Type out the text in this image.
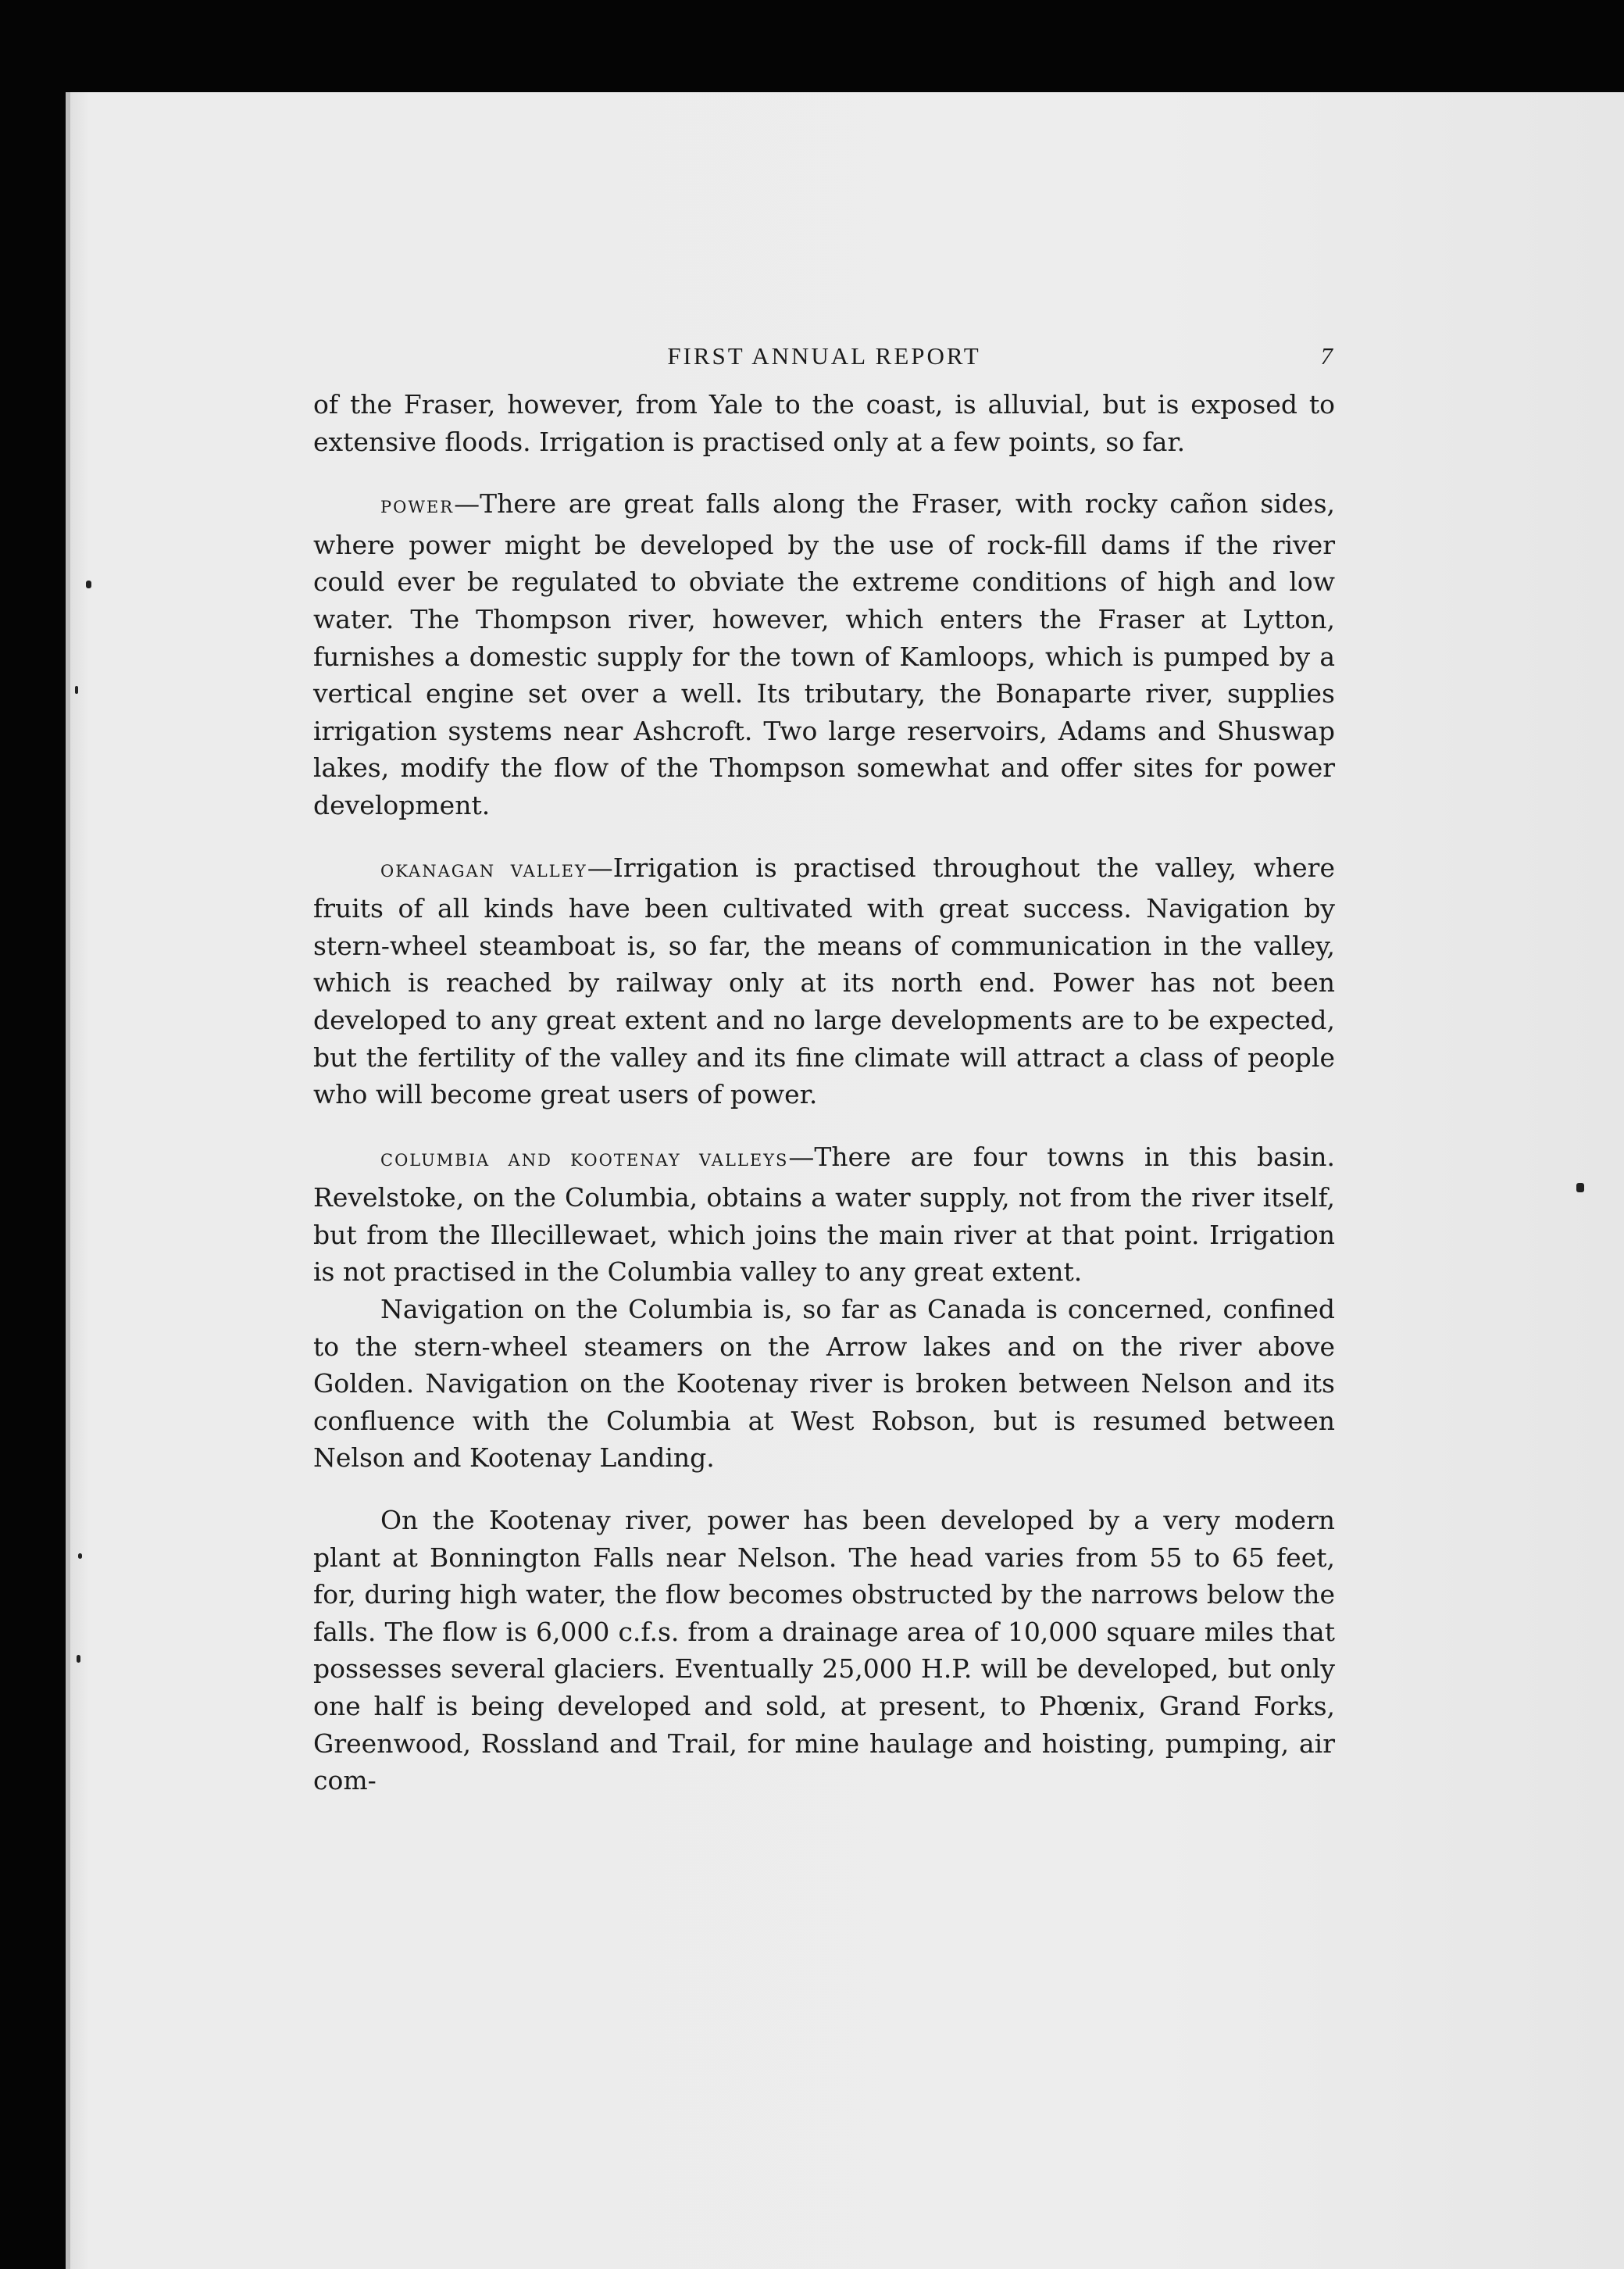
FIRST ANNUAL REPORT	7

of the Fraser, however, from Yale to the coast, is alluvial, but is exposed to extensive floods. Irrigation is practised only at a few points, so far.

POWER—There are great falls along the Fraser, with rocky cañon sides, where power might be developed by the use of rock-fill dams if the river could ever be regulated to obviate the extreme conditions of high and low water. The Thompson river, however, which enters the Fraser at Lytton, furnishes a domestic supply for the town of Kamloops, which is pumped by a vertical engine set over a well. Its tributary, the Bonaparte river, supplies irrigation systems near Ashcroft. Two large reservoirs, Adams and Shuswap lakes, modify the flow of the Thompson somewhat and offer sites for power development.

OKANAGAN VALLEY—Irrigation is practised throughout the valley, where fruits of all kinds have been cultivated with great success. Navigation by stern-wheel steamboat is, so far, the means of communication in the valley, which is reached by railway only at its north end. Power has not been developed to any great extent and no large developments are to be expected, but the fertility of the valley and its fine climate will attract a class of people who will become great users of power.

COLUMBIA AND KOOTENAY VALLEYS—There are four towns in this basin. Revelstoke, on the Columbia, obtains a water supply, not from the river itself, but from the Illecillewaet, which joins the main river at that point. Irrigation is not practised in the Columbia valley to any great extent.

Navigation on the Columbia is, so far as Canada is concerned, confined to the stern-wheel steamers on the Arrow lakes and on the river above Golden. Navigation on the Kootenay river is broken between Nelson and its confluence with the Columbia at West Robson, but is resumed between Nelson and Kootenay Landing.

On the Kootenay river, power has been developed by a very modern plant at Bonnington Falls near Nelson. The head varies from 55 to 65 feet, for, during high water, the flow becomes obstructed by the narrows below the falls. The flow is 6,000 c.f.s. from a drainage area of 10,000 square miles that possesses several glaciers. Eventually 25,000 H.P. will be developed, but only one half is being developed and sold, at present, to Phœnix, Grand Forks, Greenwood, Rossland and Trail, for mine haulage and hoisting, pumping, air com-
